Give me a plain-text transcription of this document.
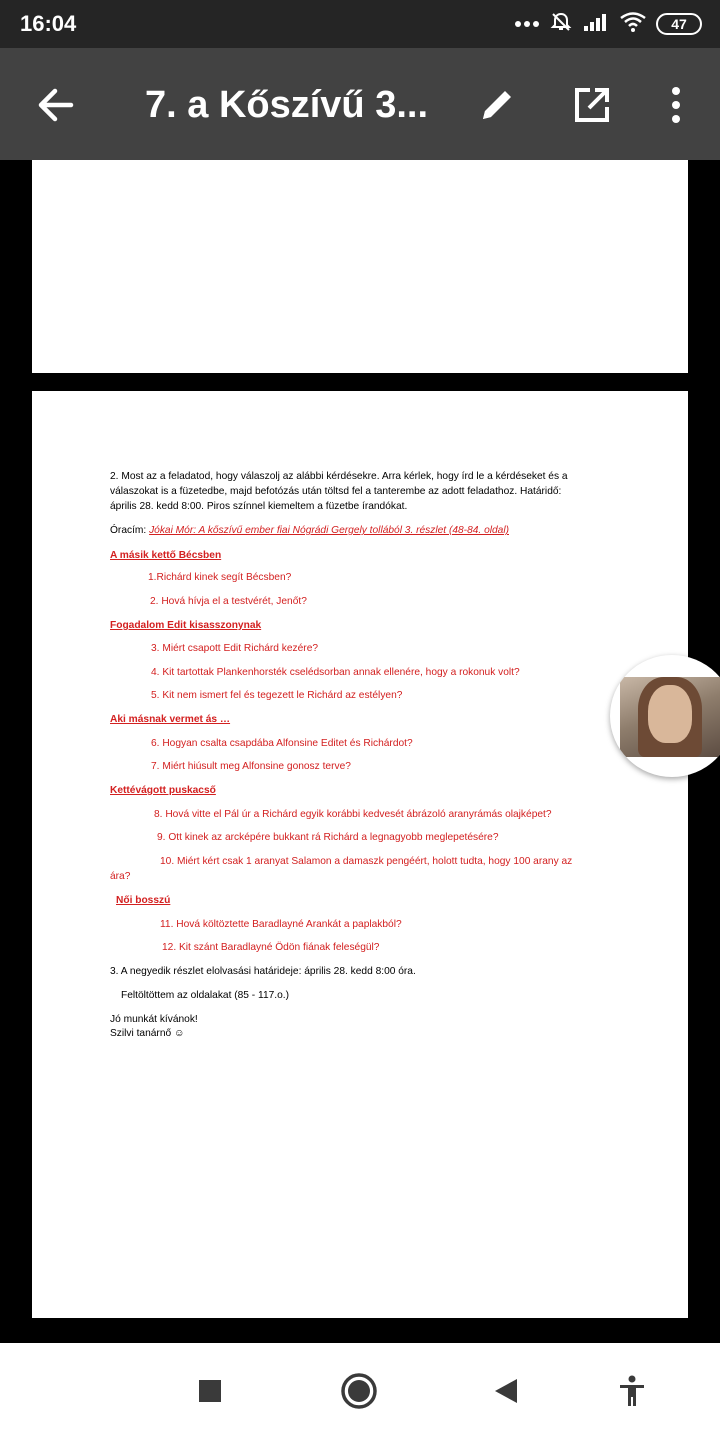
16:04	47
7. a Kőszívű 3...
2. Most az a feladatod, hogy válaszolj az alábbi kérdésekre. Arra kérlek, hogy írd le a kérdéseket és a
válaszokat is a füzetedbe, majd befotózás után töltsd fel a tanterembe az adott feladathoz. Határidő:
április 28. kedd 8:00. Piros színnel kiemeltem a füzetbe írandókat.
Óracím: Jókai Mór: A kőszívű ember fiai Nógrádi Gergely tollából 3. részlet (48-84. oldal)
A másik kettő Bécsben
1.Richárd kinek segít Bécsben?
2. Hová hívja el a testvérét, Jenőt?
Fogadalom Edit kisasszonynak
3. Miért csapott Edit Richárd kezére?
4. Kit tartottak Plankenhorsték cselédsorban annak ellenére, hogy a rokonuk volt?
5. Kit nem ismert fel és tegezett le Richárd az estélyen?
Aki másnak vermet ás …
6. Hogyan csalta csapdába Alfonsine Editet és Richárdot?
7. Miért hiúsult meg Alfonsine gonosz terve?
Kettévágott puskacső
8. Hová vitte el Pál úr a Richárd egyik korábbi kedvesét ábrázoló aranyrámás olajképet?
9. Ott kinek az arcképére bukkant rá Richárd a legnagyobb meglepetésére?
10. Miért kért csak 1 aranyat Salamon a damaszk pengéért, holott tudta, hogy 100 arany az
ára?
Női bosszú
11. Hová költöztette Baradlayné Arankát a paplakból?
12. Kit szánt Baradlayné Ödön fiának feleségül?
3. A negyedik részlet elolvasási határideje: április 28. kedd 8:00 óra.
Feltöltöttem az oldalakat (85 - 117.o.)
Jó munkát kívánok!
Szilvi tanárnő ☺
